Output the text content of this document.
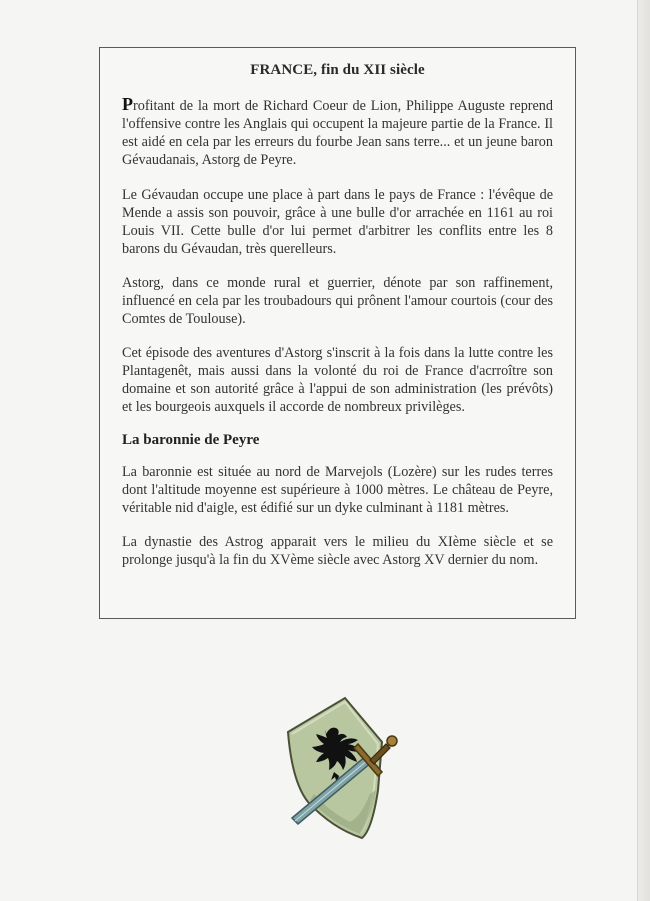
FRANCE, fin du XII siècle

Profitant de la mort de Richard Coeur de Lion, Philippe Auguste reprend l'offensive contre les Anglais qui occupent la majeure partie de la France. Il est aidé en cela par les erreurs du fourbe Jean sans terre... et un jeune baron Gévaudanais, Astorg de Peyre.

Le Gévaudan occupe une place à part dans le pays de France : l'évêque de Mende a assis son pouvoir, grâce à une bulle d'or arrachée en 1161 au roi Louis VII. Cette bulle d'or lui permet d'arbitrer les conflits entre les 8 barons du Gévaudan, très querelleurs.

Astorg, dans ce monde rural et guerrier, dénote par son raffinement, influencé en cela par les troubadours qui prônent l'amour courtois (cour des Comtes de Toulouse).

Cet épisode des aventures d'Astorg s'inscrit à la fois dans la lutte contre les Plantagenêt, mais aussi dans la volonté du roi de France d'acrroître son domaine et son autorité grâce à l'appui de son administration (les prévôts) et les bourgeois auxquels il accorde de nombreux privilèges.

La baronnie de Peyre

La baronnie est située au nord de Marvejols (Lozère) sur les rudes terres dont l'altitude moyenne est supérieure à 1000 mètres. Le château de Peyre, véritable nid d'aigle, est édifié sur un dyke culminant à 1181 mètres.

La dynastie des Astrog apparait vers le milieu du XIème siècle et se prolonge jusqu'à la fin du XVème siècle avec Astorg XV dernier du nom.
